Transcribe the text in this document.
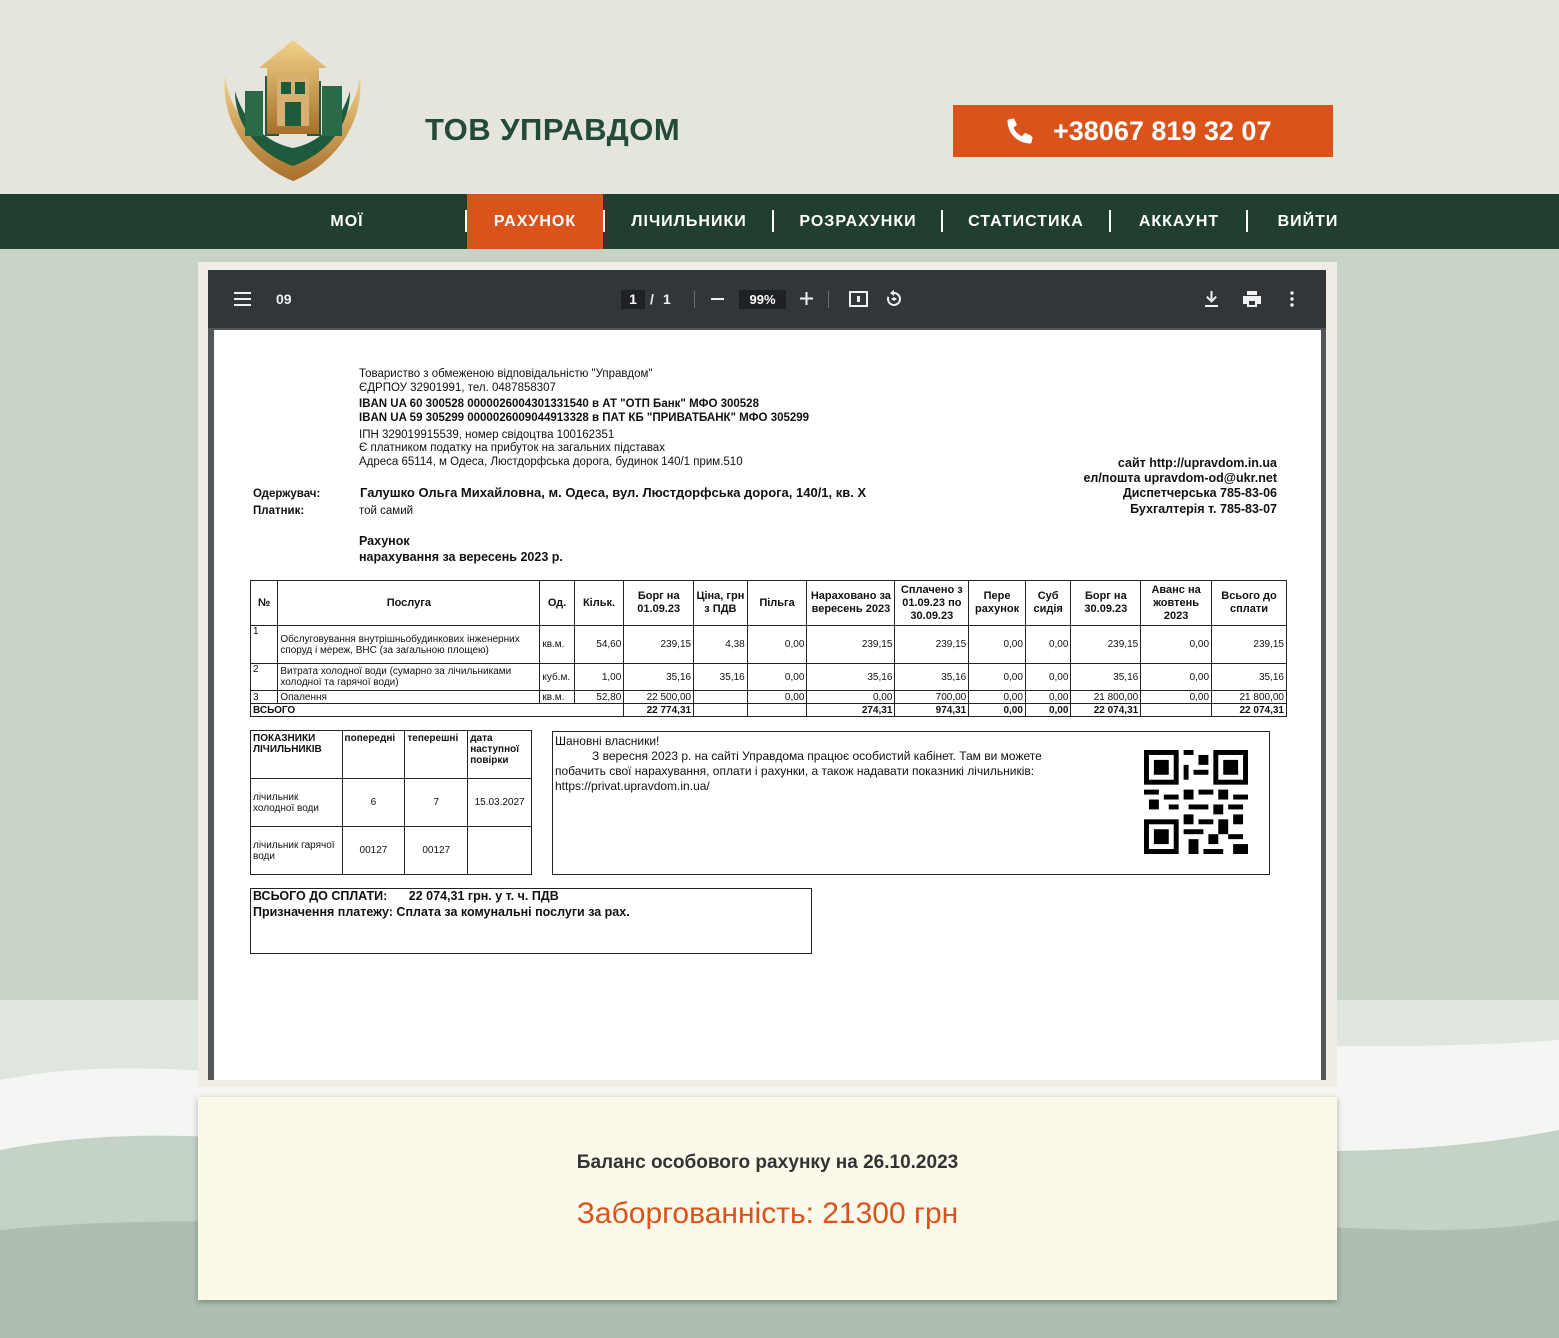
ТОВ УПРАВДОМ	+38067 819 32 07
МОЇ	РАХУНОК	ЛІЧИЛЬНИКИ	РОЗРАХУНКИ	СТАТИСТИКА	АККАУНТ	ВИЙТИ
09	1 / 1	99%
Товариство з обмеженою відповідальністю "Управдом"
ЄДРПОУ 32901991, тел. 0487858307
IBAN UA 60 300528 0000026004301331540 в АТ "ОТП Банк" МФО 300528
IBAN UA 59 305299 0000026009044913328 в ПАТ КБ "ПРИВАТБАНК" МФО 305299
ІПН 329019915539, номер свідоцтва 100162351
Є платником податку на прибуток на загальних підставах
Адреса 65114, м Одеса, Люстдорфська дорога, будинок 140/1 прим.510	сайт http://upravdom.in.ua
ел/пошта upravdom-od@ukr.net
Диспетчерська 785-83-06
Бухгалтерія т. 785-83-07
Одержувач:	Галушко Ольга Михайловна, м. Одеса, вул. Люстдорфська дорога, 140/1, кв. X
Платник:	той самий
Рахунок
нарахування за вересень 2023 р.
№	Послуга	Од.	Кільк.	Борг на 01.09.23	Ціна, грн з ПДВ	Пільга	Нараховано за вересень 2023	Сплачено з 01.09.23 по 30.09.23	Пере рахунок	Суб сидія	Борг на 30.09.23	Аванс на жовтень 2023	Всього до сплати
1	Обслуговування внутрішньобудинкових інженерних споруд і мереж, ВНС (за загальною площею)	кв.м.	54,60	239,15	4,38	0,00	239,15	239,15	0,00	0,00	239,15	0,00	239,15
2	Витрата холодної води (сумарно за лічильниками холодної та гарячої води)	куб.м.	1,00	35,16	35,16	0,00	35,16	35,16	0,00	0,00	35,16	0,00	35,16
3	Опалення	кв.м.	52,80	22 500,00		0,00	0,00	700,00	0,00	0,00	21 800,00	0,00	21 800,00
ВСЬОГО				22 774,31			274,31	974,31	0,00	0,00	22 074,31		22 074,31
ПОКАЗНИКИ ЛІЧИЛЬНИКІВ	попередні	теперешні	дата наступної повірки
лічильник холодної води	6	7	15.03.2027
лічильник гарячої води	00127	00127	
Шановні власники!
З вересня 2023 р. на сайті Управдома працює особистий кабінет. Там ви можете
побачить свої нарахування, оплати і рахунки, а також надавати показникі лічильників:
https://privat.upravdom.in.ua/
ВСЬОГО ДО СПЛАТИ: 22 074,31 грн. у т. ч. ПДВ
Призначення платежу: Сплата за комунальні послуги за рах.
Баланс особового рахунку на 26.10.2023
Заборгованність: 21300 грн
